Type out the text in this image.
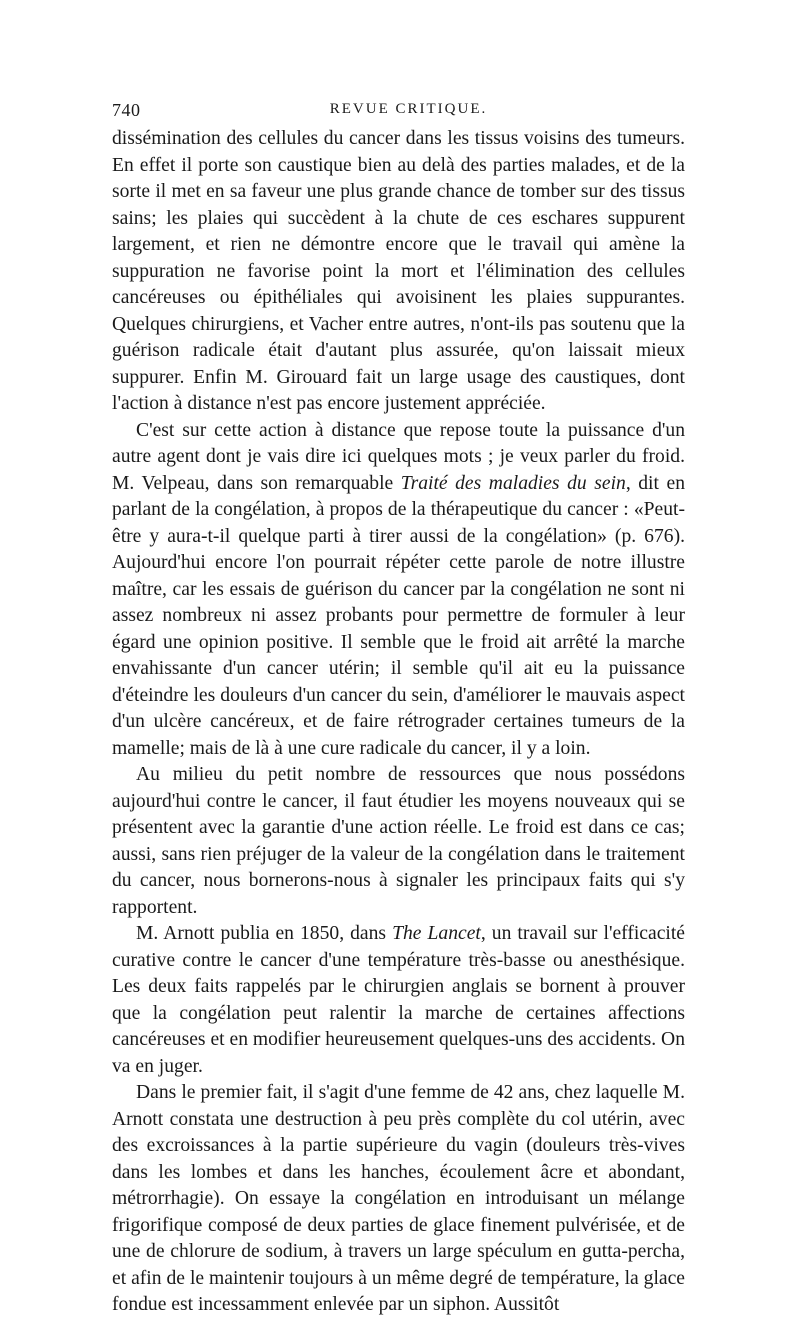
740	REVUE CRITIQUE.

dissémination des cellules du cancer dans les tissus voisins des tumeurs. En effet il porte son caustique bien au delà des parties malades, et de la sorte il met en sa faveur une plus grande chance de tomber sur des tissus sains; les plaies qui succèdent à la chute de ces eschares suppurent largement, et rien ne démontre encore que le travail qui amène la suppuration ne favorise point la mort et l'élimination des cellules cancéreuses ou épithéliales qui avoisinent les plaies suppurantes. Quelques chirurgiens, et Vacher entre autres, n'ont-ils pas soutenu que la guérison radicale était d'autant plus assurée, qu'on laissait mieux suppurer. Enfin M. Girouard fait un large usage des caustiques, dont l'action à distance n'est pas encore justement appréciée.

C'est sur cette action à distance que repose toute la puissance d'un autre agent dont je vais dire ici quelques mots ; je veux parler du froid. M. Velpeau, dans son remarquable Traité des maladies du sein, dit en parlant de la congélation, à propos de la thérapeutique du cancer : «Peut-être y aura-t-il quelque parti à tirer aussi de la congélation» (p. 676). Aujourd'hui encore l'on pourrait répéter cette parole de notre illustre maître, car les essais de guérison du cancer par la congélation ne sont ni assez nombreux ni assez probants pour permettre de formuler à leur égard une opinion positive. Il semble que le froid ait arrêté la marche envahissante d'un cancer utérin; il semble qu'il ait eu la puissance d'éteindre les douleurs d'un cancer du sein, d'améliorer le mauvais aspect d'un ulcère cancéreux, et de faire rétrograder certaines tumeurs de la mamelle; mais de là à une cure radicale du cancer, il y a loin.

Au milieu du petit nombre de ressources que nous possédons aujourd'hui contre le cancer, il faut étudier les moyens nouveaux qui se présentent avec la garantie d'une action réelle. Le froid est dans ce cas; aussi, sans rien préjuger de la valeur de la congélation dans le traitement du cancer, nous bornerons-nous à signaler les principaux faits qui s'y rapportent.

M. Arnott publia en 1850, dans The Lancet, un travail sur l'efficacité curative contre le cancer d'une température très-basse ou anesthésique. Les deux faits rappelés par le chirurgien anglais se bornent à prouver que la congélation peut ralentir la marche de certaines affections cancéreuses et en modifier heureusement quelques-uns des accidents. On va en juger.

Dans le premier fait, il s'agit d'une femme de 42 ans, chez laquelle M. Arnott constata une destruction à peu près complète du col utérin, avec des excroissances à la partie supérieure du vagin (douleurs très-vives dans les lombes et dans les hanches, écoulement âcre et abondant, métrorrhagie). On essaye la congélation en introduisant un mélange frigorifique composé de deux parties de glace finement pulvérisée, et de une de chlorure de sodium, à travers un large spéculum en gutta-percha, et afin de le maintenir toujours à un même degré de température, la glace fondue est incessamment enlevée par un siphon. Aussitôt
